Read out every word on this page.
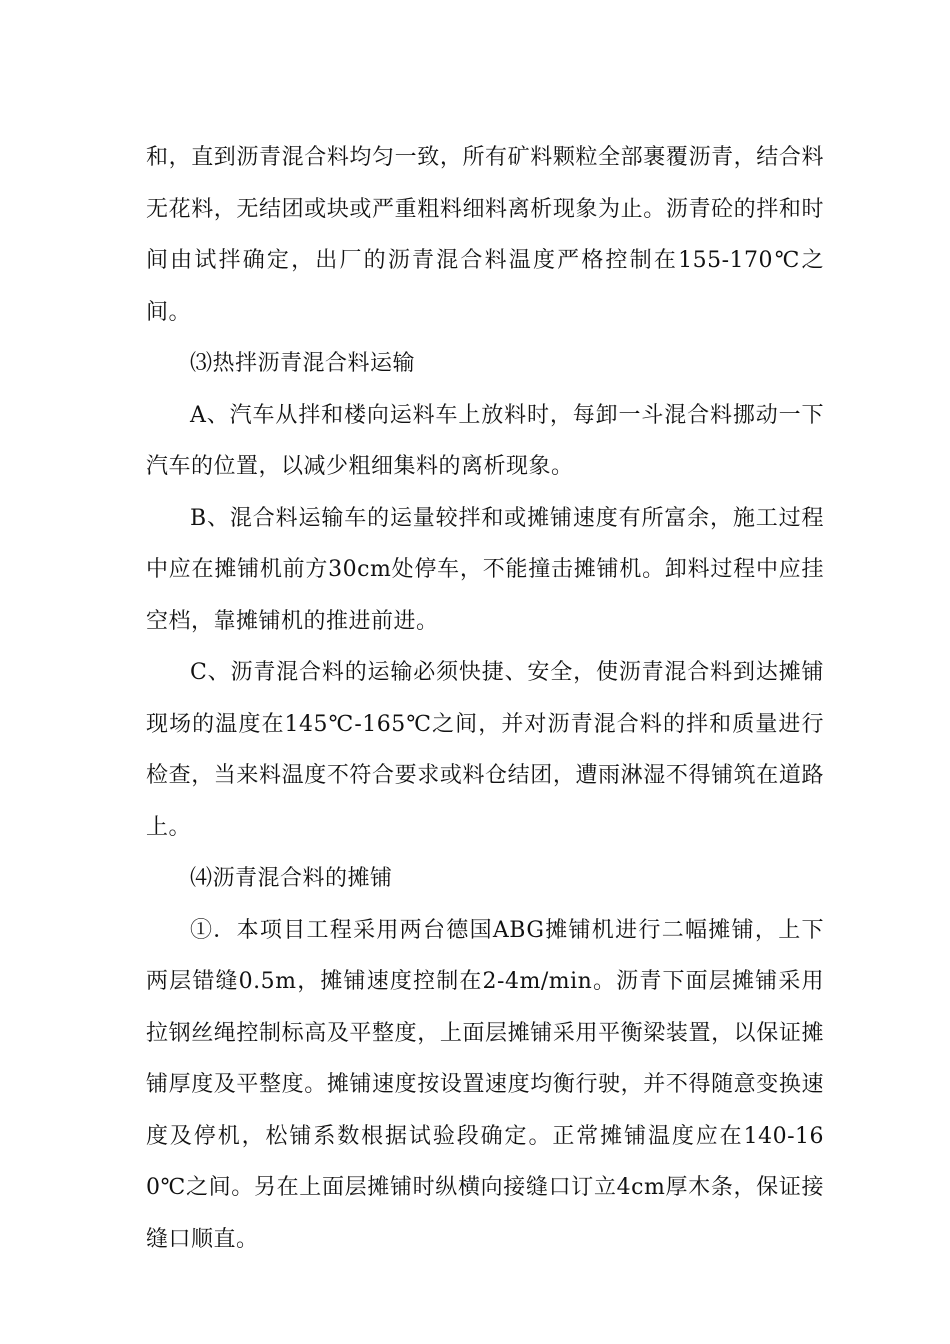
和，直到沥青混合料均匀一致，所有矿料颗粒全部裹覆沥青，结合料无花料，无结团或块或严重粗料细料离析现象为止。沥青砼的拌和时间由试拌确定，出厂的沥青混合料温度严格控制在155-170℃之间。

⑶热拌沥青混合料运输

A、汽车从拌和楼向运料车上放料时，每卸一斗混合料挪动一下汽车的位置，以减少粗细集料的离析现象。

B、混合料运输车的运量较拌和或摊铺速度有所富余，施工过程中应在摊铺机前方30cm处停车，不能撞击摊铺机。卸料过程中应挂空档，靠摊铺机的推进前进。

C、沥青混合料的运输必须快捷、安全，使沥青混合料到达摊铺现场的温度在145℃-165℃之间，并对沥青混合料的拌和质量进行检查，当来料温度不符合要求或料仓结团，遭雨淋湿不得铺筑在道路上。

⑷沥青混合料的摊铺

①．本项目工程采用两台德国ABG摊铺机进行二幅摊铺，上下两层错缝0.5m，摊铺速度控制在2-4m/min。沥青下面层摊铺采用拉钢丝绳控制标高及平整度，上面层摊铺采用平衡梁装置，以保证摊铺厚度及平整度。摊铺速度按设置速度均衡行驶，并不得随意变换速度及停机，松铺系数根据试验段确定。正常摊铺温度应在140-160℃之间。另在上面层摊铺时纵横向接缝口订立4cm厚木条，保证接缝口顺直。
